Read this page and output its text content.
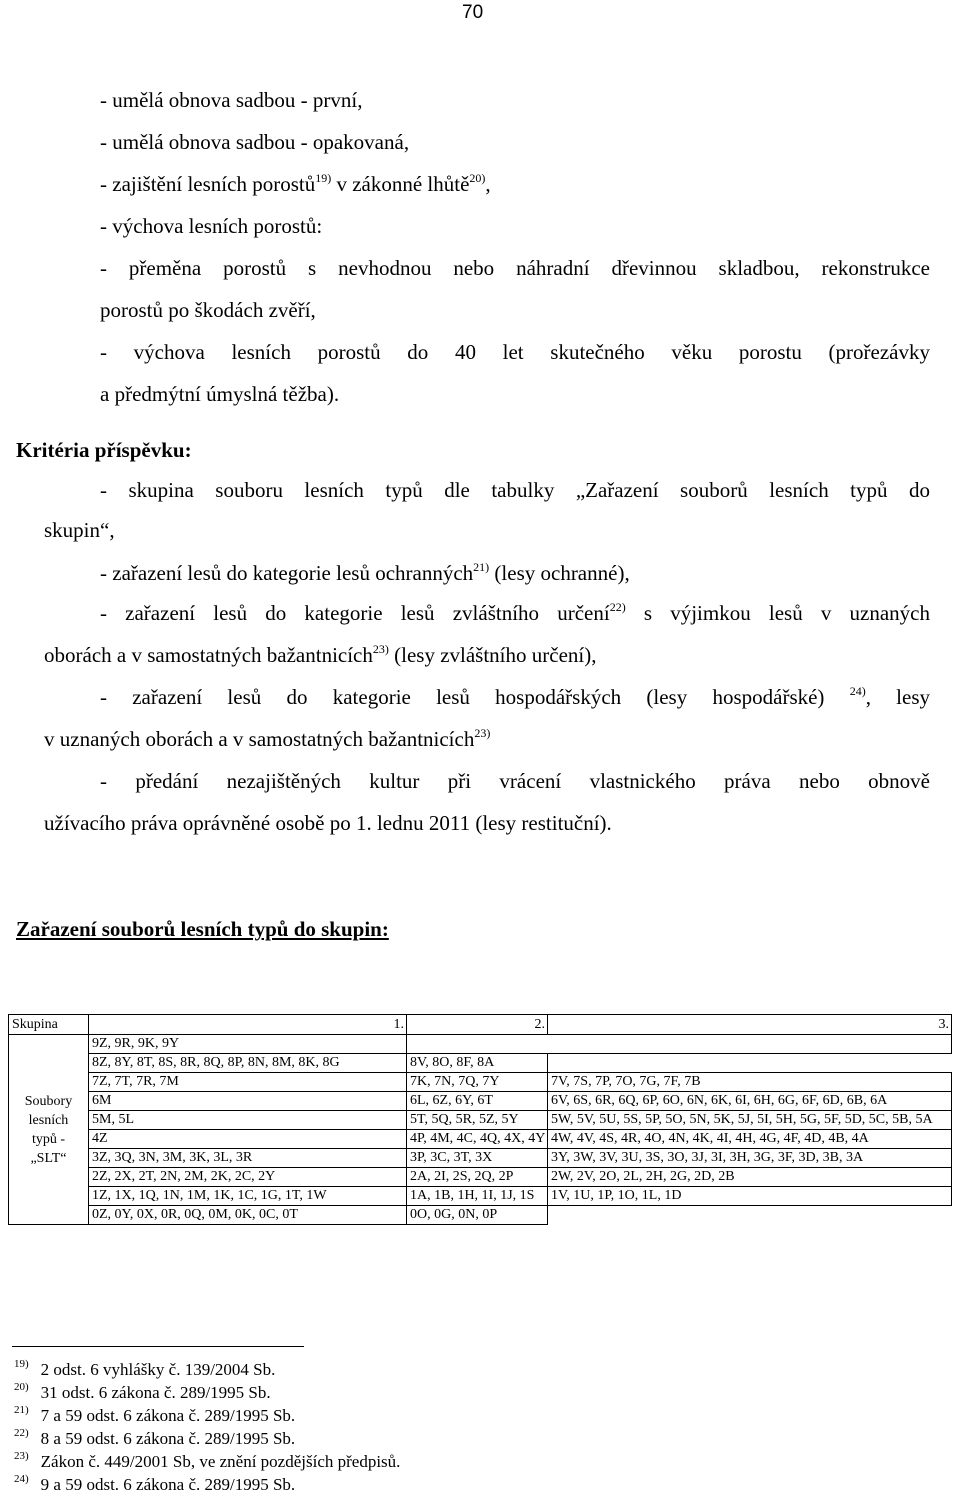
70
- umělá obnova sadbou - první,
- umělá obnova sadbou - opakovaná,
- zajištění lesních porostů$^{19)}$ v zákonné lhůtě$^{20)}$,
- výchova lesních porostů:
- přeměna porostů s nevhodnou nebo náhradní dřevinnou skladbou, rekonstrukce
porostů po škodách zvěří,
- výchova lesních porostů do 40 let skutečného věku porostu (prořezávky
a předmýtní úmyslná těžba).
Kritéria příspěvku:
- skupina souboru lesních typů dle tabulky „Zařazení souborů lesních typů do
skupin“,
- zařazení lesů do kategorie lesů ochranných$^{21)}$ (lesy ochranné),
- zařazení lesů do kategorie lesů zvláštního určení$^{22)}$ s výjimkou lesů v uznaných
oborách a v samostatných bažantnicích$^{23)}$ (lesy zvláštního určení),
- zařazení lesů do kategorie lesů hospodářských (lesy hospodářské) $^{24)}$, lesy
v uznaných oborách a v samostatných bažantnicích$^{23)}$
- předání nezajištěných kultur při vrácení vlastnického práva nebo obnově
užívacího práva oprávněné osobě po 1. lednu 2011 (lesy restituční).
Zařazení souborů lesních typů do skupin:
Skupina	1.	2.	3.
Soubory
lesních
typů -
„SLT“	9Z, 9R, 9K, 9Y		
	8Z, 8Y, 8T, 8S, 8R, 8Q, 8P, 8N, 8M, 8K, 8G	8V, 8O, 8F, 8A	
	7Z, 7T, 7R, 7M	7K, 7N, 7Q, 7Y	7V, 7S, 7P, 7O, 7G, 7F, 7B
	6M	6L, 6Z, 6Y, 6T	6V, 6S, 6R, 6Q, 6P, 6O, 6N, 6K, 6I, 6H, 6G, 6F, 6D, 6B, 6A
	5M, 5L	5T, 5Q, 5R, 5Z, 5Y	5W, 5V, 5U, 5S, 5P, 5O, 5N, 5K, 5J, 5I, 5H, 5G, 5F, 5D, 5C, 5B, 5A
	4Z	4P, 4M, 4C, 4Q, 4X, 4Y	4W, 4V, 4S, 4R, 4O, 4N, 4K, 4I, 4H, 4G, 4F, 4D, 4B, 4A
	3Z, 3Q, 3N, 3M, 3K, 3L, 3R	3P, 3C, 3T, 3X	3Y, 3W, 3V, 3U, 3S, 3O, 3J, 3I, 3H, 3G, 3F, 3D, 3B, 3A
	2Z, 2X, 2T, 2N, 2M, 2K, 2C, 2Y	2A, 2I, 2S, 2Q, 2P	2W, 2V, 2O, 2L, 2H, 2G, 2D, 2B
	1Z, 1X, 1Q, 1N, 1M, 1K, 1C, 1G, 1T, 1W	1A, 1B, 1H, 1I, 1J, 1S	1V, 1U, 1P, 1O, 1L, 1D
	0Z, 0Y, 0X, 0R, 0Q, 0M, 0K, 0C, 0T	0O, 0G, 0N, 0P	
$^{19)}$ 2 odst. 6 vyhlášky č. 139/2004 Sb.
$^{20)}$ 31 odst. 6 zákona č. 289/1995 Sb.
$^{21)}$ 7 a 59 odst. 6 zákona č. 289/1995 Sb.
$^{22)}$ 8 a 59 odst. 6 zákona č. 289/1995 Sb.
$^{23)}$ Zákon č. 449/2001 Sb, ve znění pozdějších předpisů.
$^{24)}$ 9 a 59 odst. 6 zákona č. 289/1995 Sb.
